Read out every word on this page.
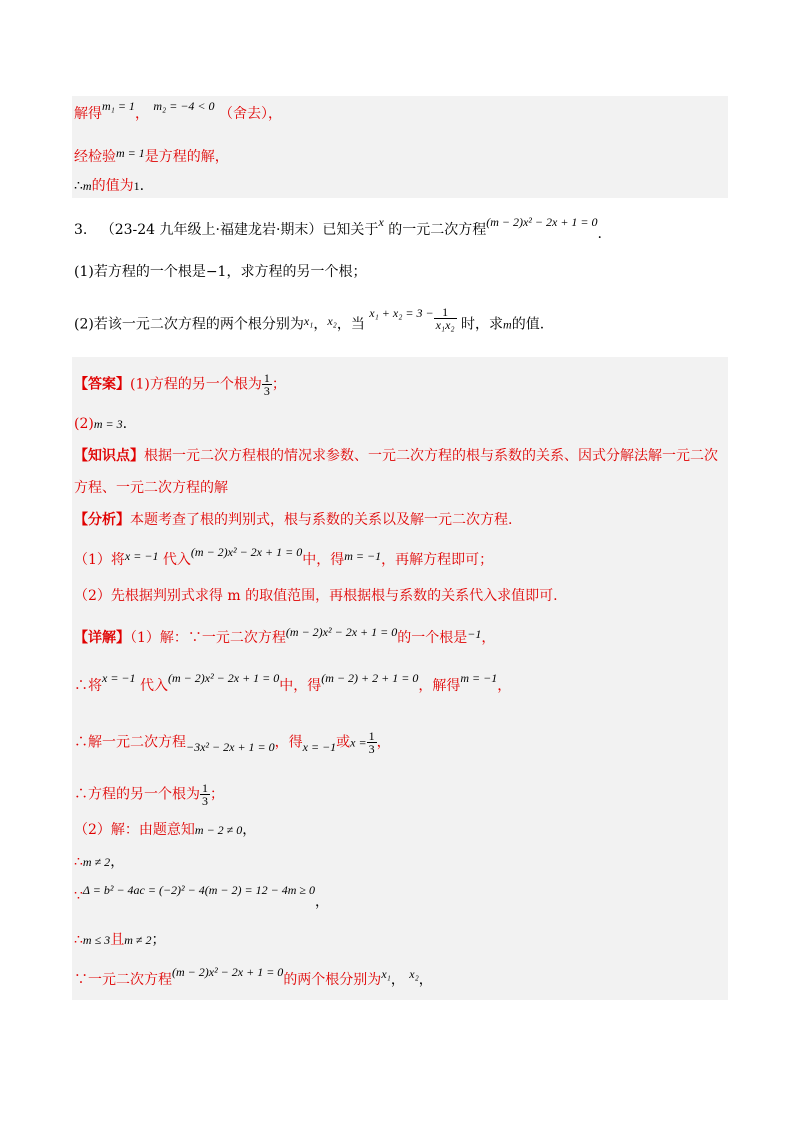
解得m₁ = 1， m₂ = −4 < 0 （舍去），
经检验m = 1是方程的解，
∴m的值为1.
3. （23-24 九年级上·福建龙岩·期末）已知关于x 的一元二次方程(m − 2)x² − 2x + 1 = 0.
(1)若方程的一个根是−1，求方程的另一个根；
(2)若该一元二次方程的两个根分别为x₁，x₂，当 $x_1 + x_2 = 3 - \frac{1}{\text{x₁x₂}}$ 时，求m的值.
【答案】(1)方程的另一个根为 $\frac{1}{3}$ ；
(2)m = 3.
【知识点】根据一元二次方程根的情况求参数、一元二次方程的根与系数的关系、因式分解法解一元二次
方程、一元二次方程的解
【分析】本题考查了根的判别式，根与系数的关系以及解一元二次方程.
（1）将x = −1 代入(m − 2)x² − 2x + 1 = 0中，得m = −1，再解方程即可；
（2）先根据判别式求得 m 的取值范围，再根据根与系数的关系代入求值即可.
【详解】（1）解：∵一元二次方程(m − 2)x² − 2x + 1 = 0的一个根是−1，
∴将x = −1 代入(m − 2)x² − 2x + 1 = 0中，得(m − 2) + 2 + 1 = 0，解得m = −1，
∴解一元二次方程−3x² − 2x + 1 = 0，得x = −1或$x = \frac{1}{3}$ ，
∴方程的另一个根为 $\frac{1}{3}$ ；
（2）解：由题意知m − 2 ≠ 0，
∴m ≠ 2，
∵Δ = b² − 4ac = (−2)² − 4(m − 2) = 12 − 4m ≥ 0，
∴m ≤ 3且m ≠ 2；
∵一元二次方程(m − 2)x² − 2x + 1 = 0的两个根分别为x₁， x₂，
